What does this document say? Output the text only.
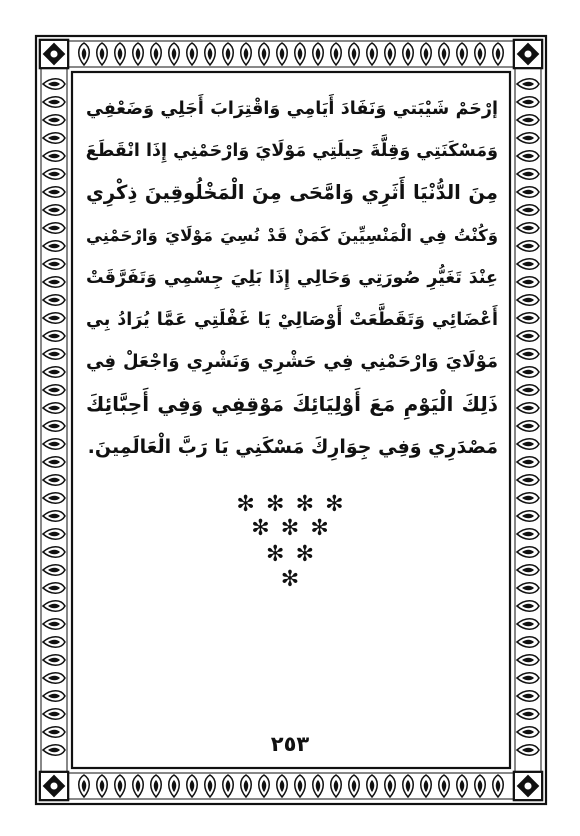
إرْحَمْ شَيْبَتي وَنَفَادَ أَيَامِي وَاقْتِرَابَ أَجَلِي وَضَعْفِي
وَمَسْكَنَتِي وَقِلَّةَ حِيلَتِي مَوْلَايَ وَارْحَمْنِي إِذَا انْقَطَعَ
مِنَ الدُّنْيَا أَثَرِي وَامَّحَى مِنَ الْمَخْلُوقِينَ ذِكْرِي
وَكُنْتُ فِي الْمَنْسِيِّينَ كَمَنْ قَدْ نُسِيَ مَوْلَايَ وَارْحَمْنِي
عِنْدَ تَغَيُّرِ صُورَتِي وَحَالِي إِذَا بَلِيَ جِسْمِي وَتَفَرَّقَتْ
أَعْضَائِي وَتَقَطَّعَتْ أَوْصَالِيْ يَا غَفْلَتِي عَمَّا يُرَادُ بِي
مَوْلَايَ وَارْحَمْنِي فِي حَشْرِي وَنَشْرِي وَاجْعَلْ فِي
ذَلِكَ الْيَوْمِ مَعَ أَوْلِيَائِكَ مَوْقِفِي وَفِي أَحِبَّائِكَ
مَصْدَرِي وَفِي جِوَارِكَ مَسْكَنِي يَا رَبَّ الْعَالَمِينَ.
✻ ✻ ✻ ✻
✻ ✻ ✻
✻ ✻
✻
٢٥٣
